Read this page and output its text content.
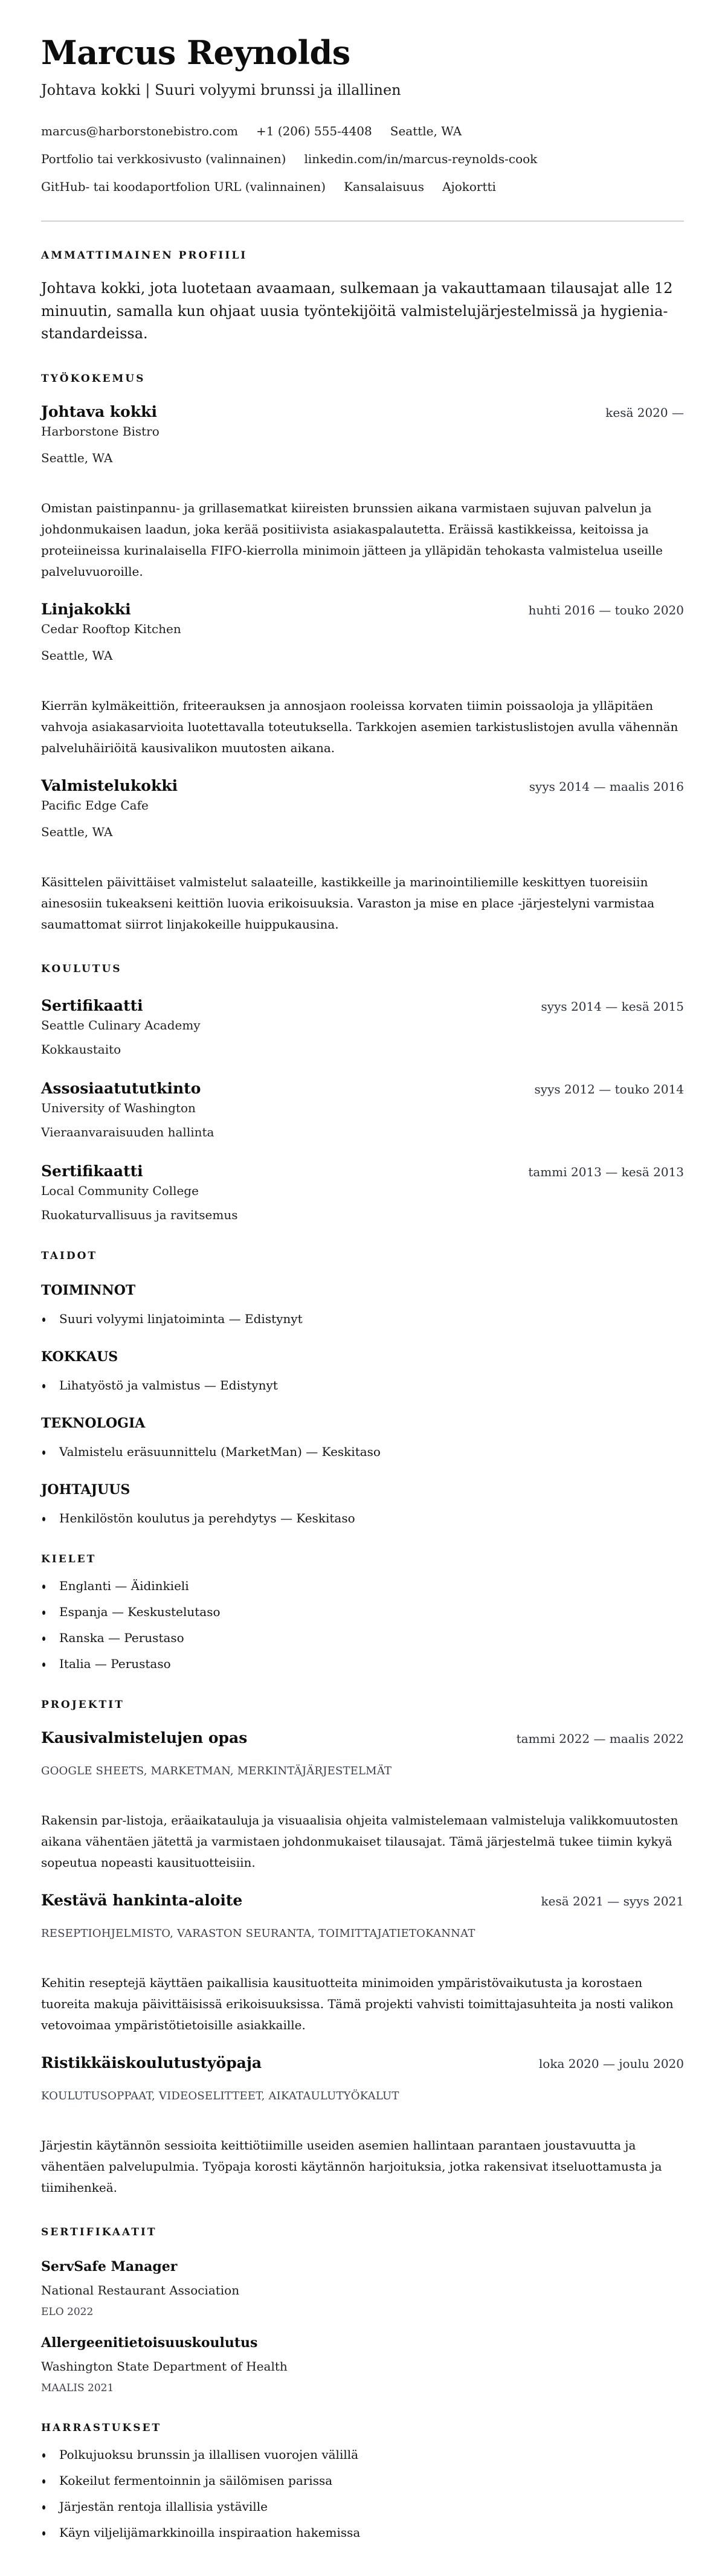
Marcus Reynolds
Johtava kokki | Suuri volyymi brunssi ja illallinen
marcus@harborstonebistro.com +1 (206) 555-4408 Seattle, WA
Portfolio tai verkkosivusto (valinnainen) linkedin.com/in/marcus-reynolds-cook
GitHub- tai koodaportfolion URL (valinnainen) Kansalaisuus Ajokortti
AMMATTIMAINEN PROFIILI

Johtava kokki, jota luotetaan avaamaan, sulkemaan ja vakauttamaan tilausajat alle 12 minuutin, samalla kun ohjaat uusia työntekijöitä valmistelujärjestelmissä ja hygienia-standardeissa.

TYÖKOKEMUS
Johtava kokki	kesä 2020 —
Harborstone Bistro
Seattle, WA

Omistan paistinpannu- ja grillasematkat kiireisten brunssien aikana varmistaen sujuvan palvelun ja johdonmukaisen laadun, joka kerää positiivista asiakaspalautetta. Eräissä kastikkeissa, keitoissa ja proteiineissa kurinalaisella FIFO-kierrolla minimoin jätteen ja ylläpidän tehokasta valmistelua useille palveluvuoroille.

Linjakokki	huhti 2016 — touko 2020
Cedar Rooftop Kitchen
Seattle, WA

Kierrän kylmäkeittiön, friteerauksen ja annosjaon rooleissa korvaten tiimin poissaoloja ja ylläpitäen vahvoja asiakasarvioita luotettavalla toteutuksella. Tarkkojen asemien tarkistuslistojen avulla vähennän palveluhäiriöitä kausivalikon muutosten aikana.

Valmistelukokki	syys 2014 — maalis 2016
Pacific Edge Cafe
Seattle, WA

Käsittelen päivittäiset valmistelut salaateille, kastikkeille ja marinointiliemille keskittyen tuoreisiin ainesosiin tukeakseni keittiön luovia erikoisuuksia. Varaston ja mise en place -järjestelyni varmistaa saumattomat siirrot linjakokeille huippukausina.

KOULUTUS
Sertifikaatti	syys 2014 — kesä 2015
Seattle Culinary Academy
Kokkaustaito
Assosiaatututkinto	syys 2012 — touko 2014
University of Washington
Vieraanvaraisuuden hallinta
Sertifikaatti	tammi 2013 — kesä 2013
Local Community College
Ruokaturvallisuus ja ravitsemus
TAIDOT
TOIMINNOT
Suuri volyymi linjatoiminta — Edistynyt
KOKKAUS
Lihatyöstö ja valmistus — Edistynyt
TEKNOLOGIA
Valmistelu eräsuunnittelu (MarketMan) — Keskitaso
JOHTAJUUS
Henkilöstön koulutus ja perehdytys — Keskitaso
KIELET
Englanti — Äidinkieli
Espanja — Keskustelutaso
Ranska — Perustaso
Italia — Perustaso
PROJEKTIT
Kausivalmistelujen opas	tammi 2022 — maalis 2022
GOOGLE SHEETS, MARKETMAN, MERKINTÄJÄRJESTELMÄT

Rakensin par-listoja, eräaikatauluja ja visuaalisia ohjeita valmistelemaan valmisteluja valikkomuutosten aikana vähentäen jätettä ja varmistaen johdonmukaiset tilausajat. Tämä järjestelmä tukee tiimin kykyä sopeutua nopeasti kausituotteisiin.

Kestävä hankinta-aloite	kesä 2021 — syys 2021
RESEPTIOHJELMISTO, VARASTON SEURANTA, TOIMITTAJATIETOKANNAT

Kehitin reseptejä käyttäen paikallisia kausituotteita minimoiden ympäristövaikutusta ja korostaen tuoreita makuja päivittäisissä erikoisuuksissa. Tämä projekti vahvisti toimittajasuhteita ja nosti valikon vetovoimaa ympäristötietoisille asiakkaille.

Ristikkäiskoulutustyöpaja	loka 2020 — joulu 2020
KOULUTUSOPPAAT, VIDEOSELITTEET, AIKATAULUTYÖKALUT

Järjestin käytännön sessioita keittiötiimille useiden asemien hallintaan parantaen joustavuutta ja vähentäen palvelupulmia. Työpaja korosti käytännön harjoituksia, jotka rakensivat itseluottamusta ja tiimihenkeä.

SERTIFIKAATIT
ServSafe Manager
National Restaurant Association
ELO 2022
Allergeenitietoisuuskoulutus
Washington State Department of Health
MAALIS 2021
HARRASTUKSET
Polkujuoksu brunssin ja illallisen vuorojen välillä
Kokeilut fermentoinnin ja säilömisen parissa
Järjestän rentoja illallisia ystäville
Käyn viljelijämarkkinoilla inspiraation hakemissa
